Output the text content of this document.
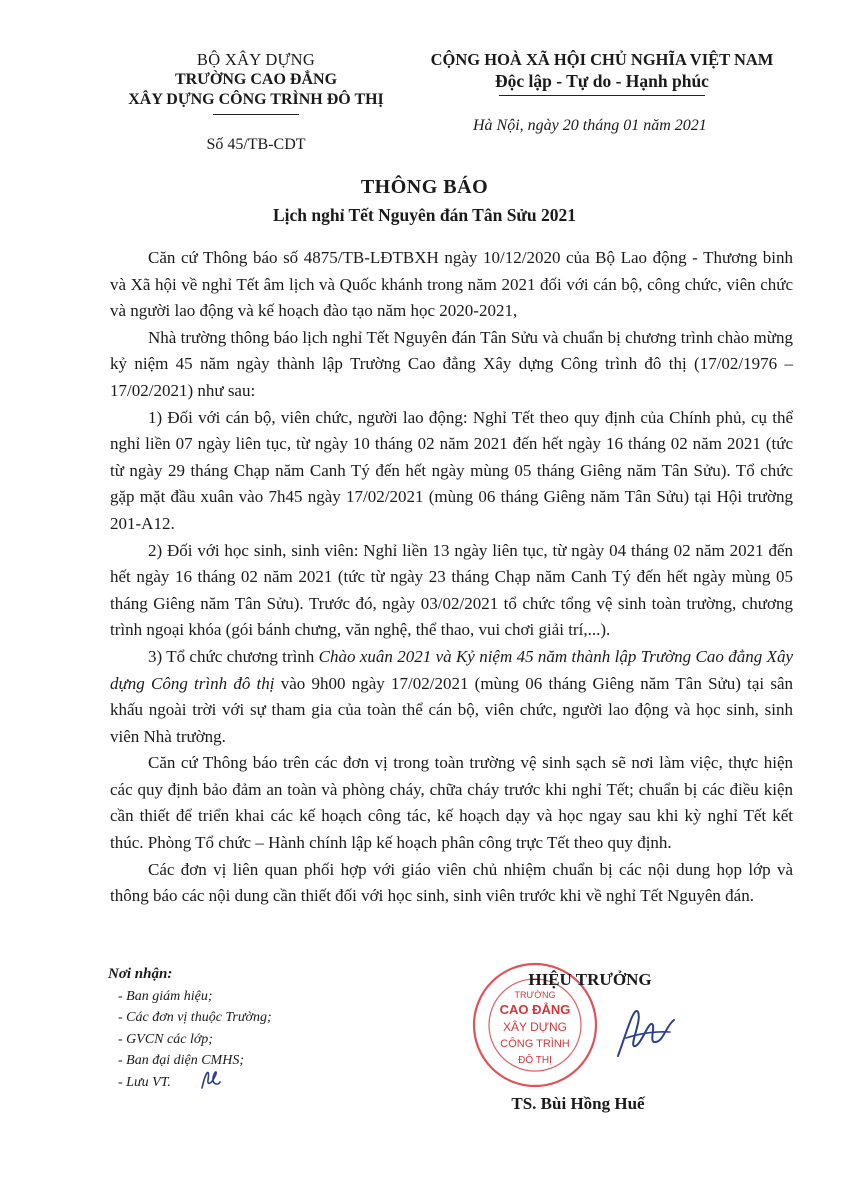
BỘ XÂY DỰNG
TRƯỜNG CAO ĐẲNG
XÂY DỰNG CÔNG TRÌNH ĐÔ THỊ
Số 45/TB-CDT
CỘNG HOÀ XÃ HỘI CHỦ NGHĨA VIỆT NAM
Độc lập - Tự do - Hạnh phúc
Hà Nội, ngày 20 tháng 01 năm 2021
THÔNG BÁO
Lịch nghỉ Tết Nguyên đán Tân Sửu 2021

Căn cứ Thông báo số 4875/TB-LĐTBXH ngày 10/12/2020 của Bộ Lao động - Thương binh và Xã hội về nghỉ Tết âm lịch và Quốc khánh trong năm 2021 đối với cán bộ, công chức, viên chức và người lao động và kế hoạch đào tạo năm học 2020-2021,

Nhà trường thông báo lịch nghỉ Tết Nguyên đán Tân Sửu và chuẩn bị chương trình chào mừng kỷ niệm 45 năm ngày thành lập Trường Cao đẳng Xây dựng Công trình đô thị (17/02/1976 – 17/02/2021) như sau:

1) Đối với cán bộ, viên chức, người lao động: Nghỉ Tết theo quy định của Chính phủ, cụ thể nghỉ liền 07 ngày liên tục, từ ngày 10 tháng 02 năm 2021 đến hết ngày 16 tháng 02 năm 2021 (tức từ ngày 29 tháng Chạp năm Canh Tý đến hết ngày mùng 05 tháng Giêng năm Tân Sửu). Tổ chức gặp mặt đầu xuân vào 7h45 ngày 17/02/2021 (mùng 06 tháng Giêng năm Tân Sửu) tại Hội trường 201-A12.

2) Đối với học sinh, sinh viên: Nghỉ liền 13 ngày liên tục, từ ngày 04 tháng 02 năm 2021 đến hết ngày 16 tháng 02 năm 2021 (tức từ ngày 23 tháng Chạp năm Canh Tý đến hết ngày mùng 05 tháng Giêng năm Tân Sửu). Trước đó, ngày 03/02/2021 tổ chức tổng vệ sinh toàn trường, chương trình ngoại khóa (gói bánh chưng, văn nghệ, thể thao, vui chơi giải trí,...).

3) Tổ chức chương trình Chào xuân 2021 và Kỷ niệm 45 năm thành lập Trường Cao đẳng Xây dựng Công trình đô thị vào 9h00 ngày 17/02/2021 (mùng 06 tháng Giêng năm Tân Sửu) tại sân khấu ngoài trời với sự tham gia của toàn thể cán bộ, viên chức, người lao động và học sinh, sinh viên Nhà trường.

Căn cứ Thông báo trên các đơn vị trong toàn trường vệ sinh sạch sẽ nơi làm việc, thực hiện các quy định bảo đảm an toàn và phòng cháy, chữa cháy trước khi nghỉ Tết; chuẩn bị các điều kiện cần thiết để triển khai các kế hoạch công tác, kế hoạch dạy và học ngay sau khi kỳ nghỉ Tết kết thúc. Phòng Tổ chức – Hành chính lập kế hoạch phân công trực Tết theo quy định.

Các đơn vị liên quan phối hợp với giáo viên chủ nhiệm chuẩn bị các nội dung họp lớp và thông báo các nội dung cần thiết đối với học sinh, sinh viên trước khi về nghỉ Tết Nguyên đán.

Nơi nhận:
- Ban giám hiệu;
- Các đơn vị thuộc Trường;
- GVCN các lớp;
- Ban đại diện CMHS;
- Lưu VT.
TRƯỜNG
CAO ĐẲNG
XÂY DỰNG
CÔNG TRÌNH
ĐÔ THỊ
HIỆU TRƯỞNG
TS. Bùi Hồng Huế
